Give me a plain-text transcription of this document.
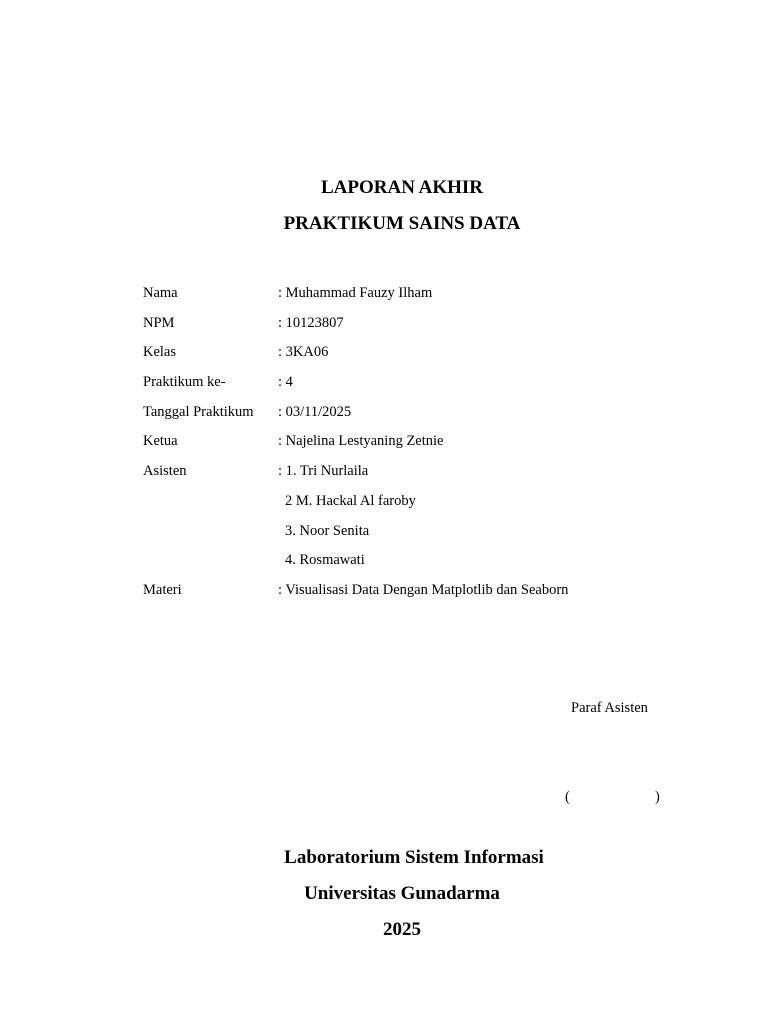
LAPORAN AKHIR
PRAKTIKUM SAINS DATA
Nama	: Muhammad Fauzy Ilham
NPM	: 10123807
Kelas	: 3KA06
Praktikum ke-	: 4
Tanggal Praktikum : 03/11/2025
Ketua	: Najelina Lestyaning Zetnie
Asisten	: 1. Tri Nurlaila
2 M. Hackal Al faroby
3. Noor Senita
4. Rosmawati
Materi	: Visualisasi Data Dengan Matplotlib dan Seaborn
Paraf Asisten
(	)
Laboratorium Sistem Informasi
Universitas Gunadarma
2025
